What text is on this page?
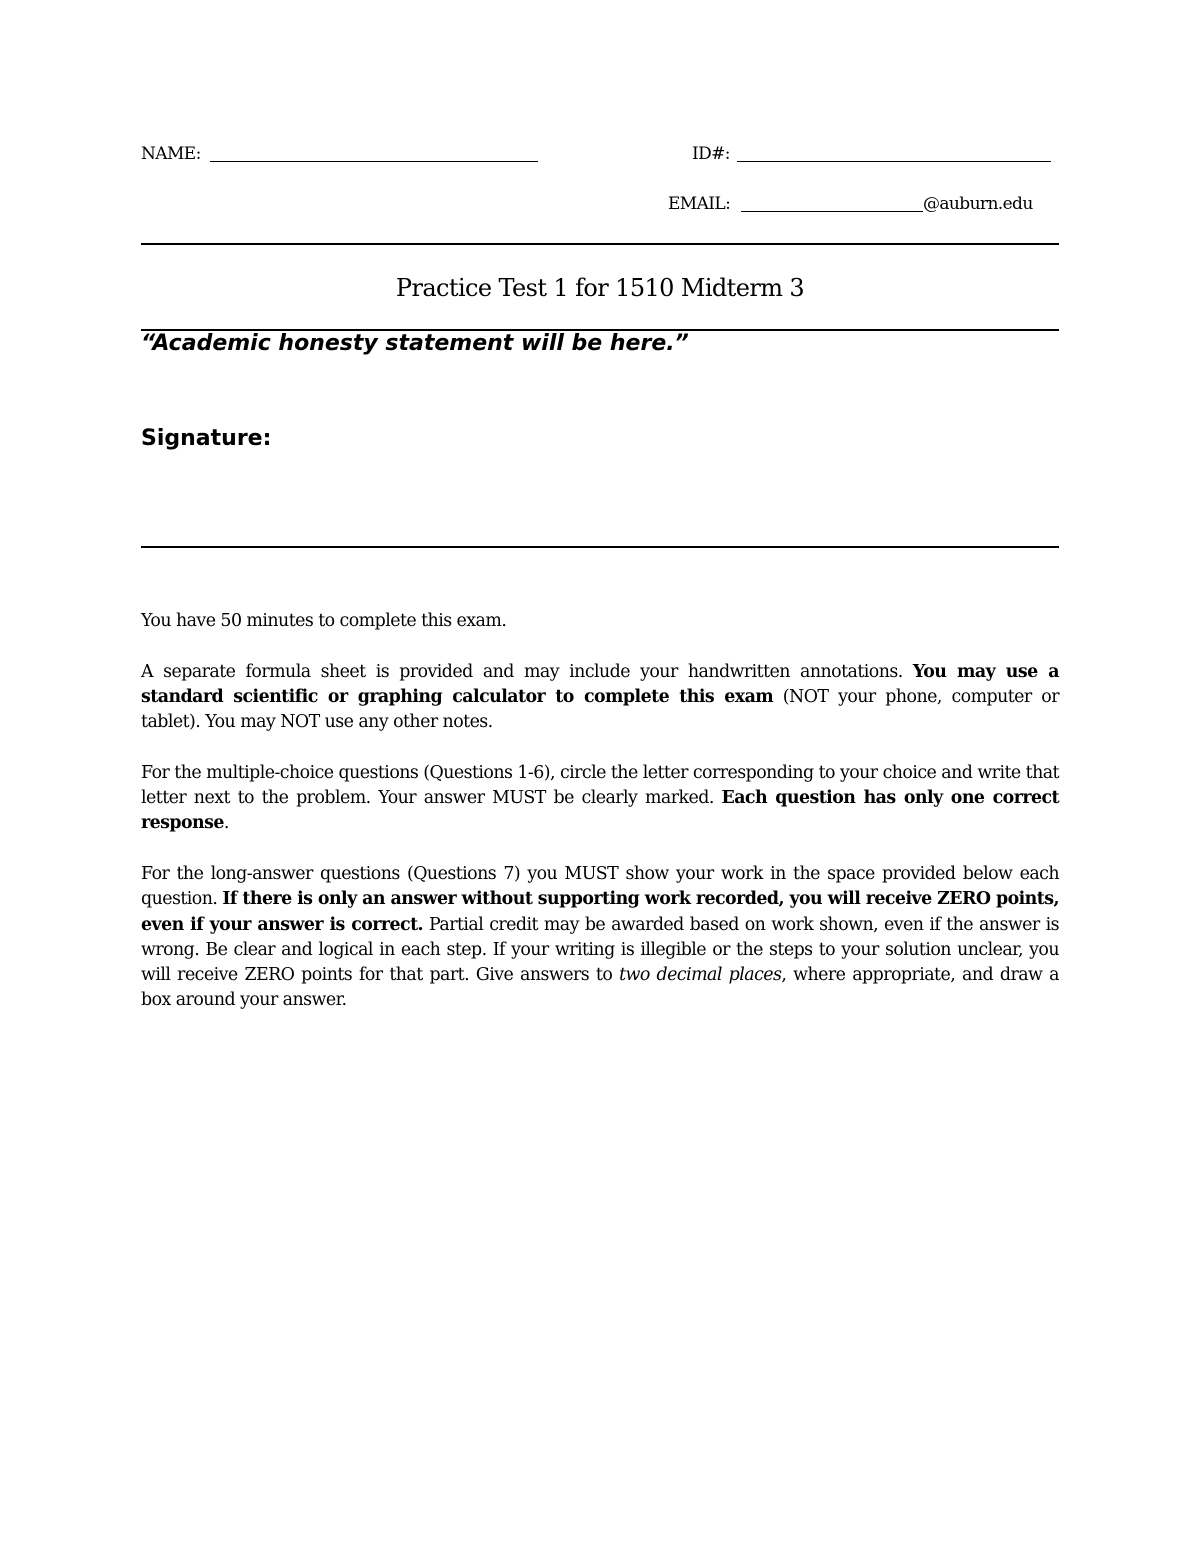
NAME:	ID#:
EMAIL:	@auburn.edu
Practice Test 1 for 1510 Midterm 3
“Academic honesty statement will be here.”
Signature:

You have 50 minutes to complete this exam.

A separate formula sheet is provided and may include your handwritten annotations. You may use a standard scientific or graphing calculator to complete this exam (NOT your phone, computer or tablet). You may NOT use any other notes.

For the multiple-choice questions (Questions 1-6), circle the letter corresponding to your choice and write that letter next to the problem. Your answer MUST be clearly marked. Each question has only one correct response.

For the long-answer questions (Questions 7) you MUST show your work in the space provided below each question. If there is only an answer without supporting work recorded, you will receive ZERO points, even if your answer is correct. Partial credit may be awarded based on work shown, even if the answer is wrong. Be clear and logical in each step. If your writing is illegible or the steps to your solution unclear, you will receive ZERO points for that part. Give answers to two decimal places, where appropriate, and draw a box around your answer.
